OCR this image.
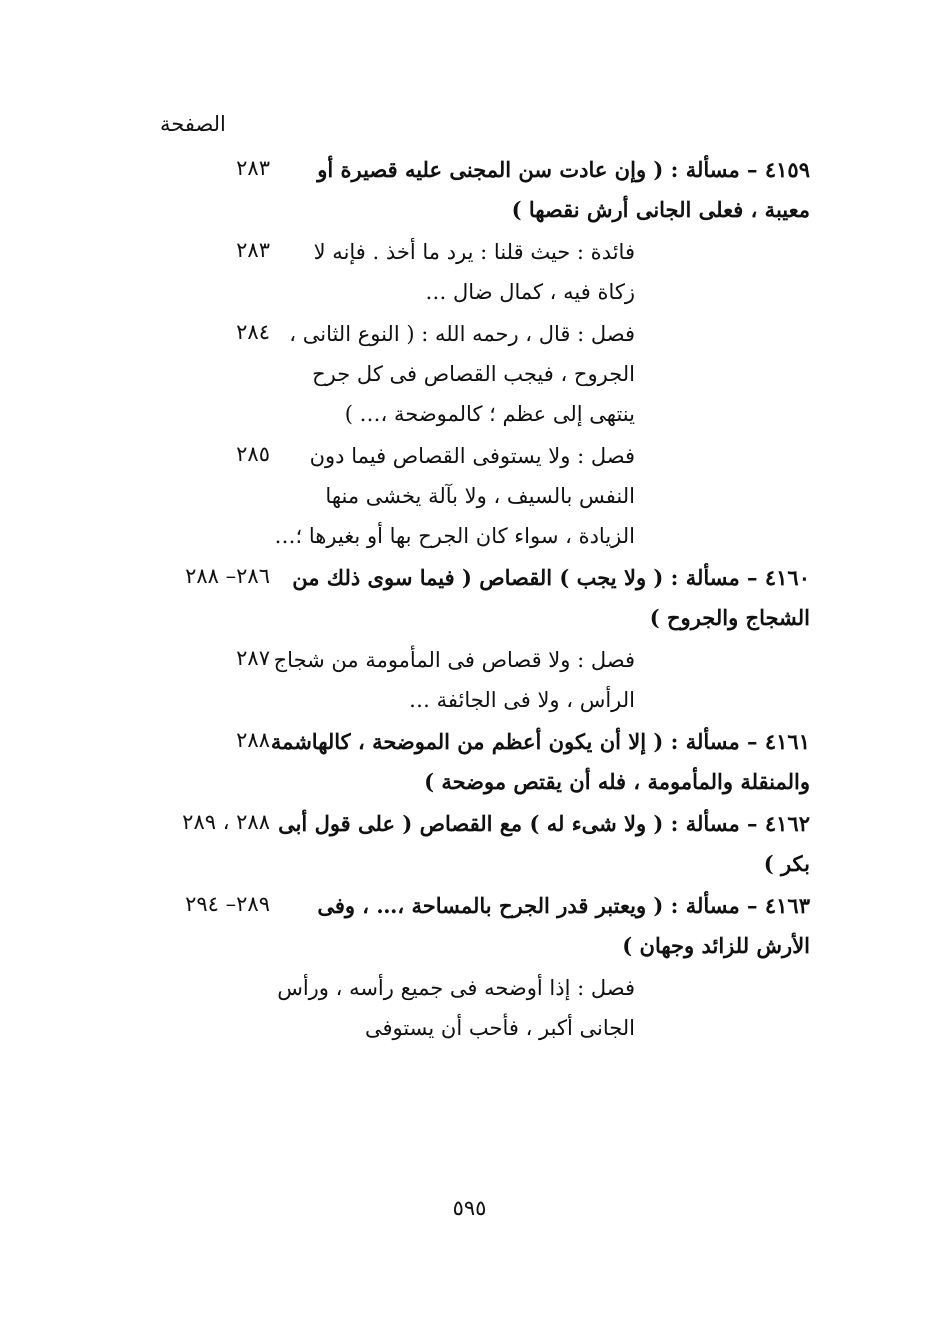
الصفحة
٢٨٣	٤١٥٩ – مسألة : ( وإن عادت سن المجنى عليه قصيرة أو معيبة ، فعلى الجانى أرش نقصها )
٢٨٣	فائدة : حيث قلنا : يرد ما أخذ . فإنه لا زكاة فيه ، كمال ضال …
٢٨٤ فصل : قال ، رحمه الله : ( النوع الثانى ، الجروح ، فيجب القصاص فى كل جرح ينتهى إلى عظم ؛ كالموضحة ،… )
٢٨٥	فصل : ولا يستوفى القصاص فيما دون النفس بالسيف ، ولا بآلة يخشى منها الزيادة ، سواء كان الجرح بها أو بغيرها ؛…
٢٨٦– ٢٨٨	٤١٦٠ – مسألة : ( ولا يجب ) القصاص ( فيما سوى ذلك من الشجاج والجروح )
٢٨٧ فصل : ولا قصاص فى المأمومة من شجاج الرأس ، ولا فى الجائفة …
٢٨٨ ٤١٦١ – مسألة : ( إلا أن يكون أعظم من الموضحة ، كالهاشمة والمنقلة والمأمومة ، فله أن يقتص موضحة )
٢٨٨ ، ٢٨٩ ٤١٦٢ – مسألة : ( ولا شىء له ) مع القصاص ( على قول أبى بكر )
٢٨٩– ٢٩٤	٤١٦٣ – مسألة : ( ويعتبر قدر الجرح بالمساحة ،… ، وفى الأرش للزائد وجهان )
فصل : إذا أوضحه فى جميع رأسه ، ورأس الجانى أكبر ، فأحب أن يستوفى
٥٩٥
